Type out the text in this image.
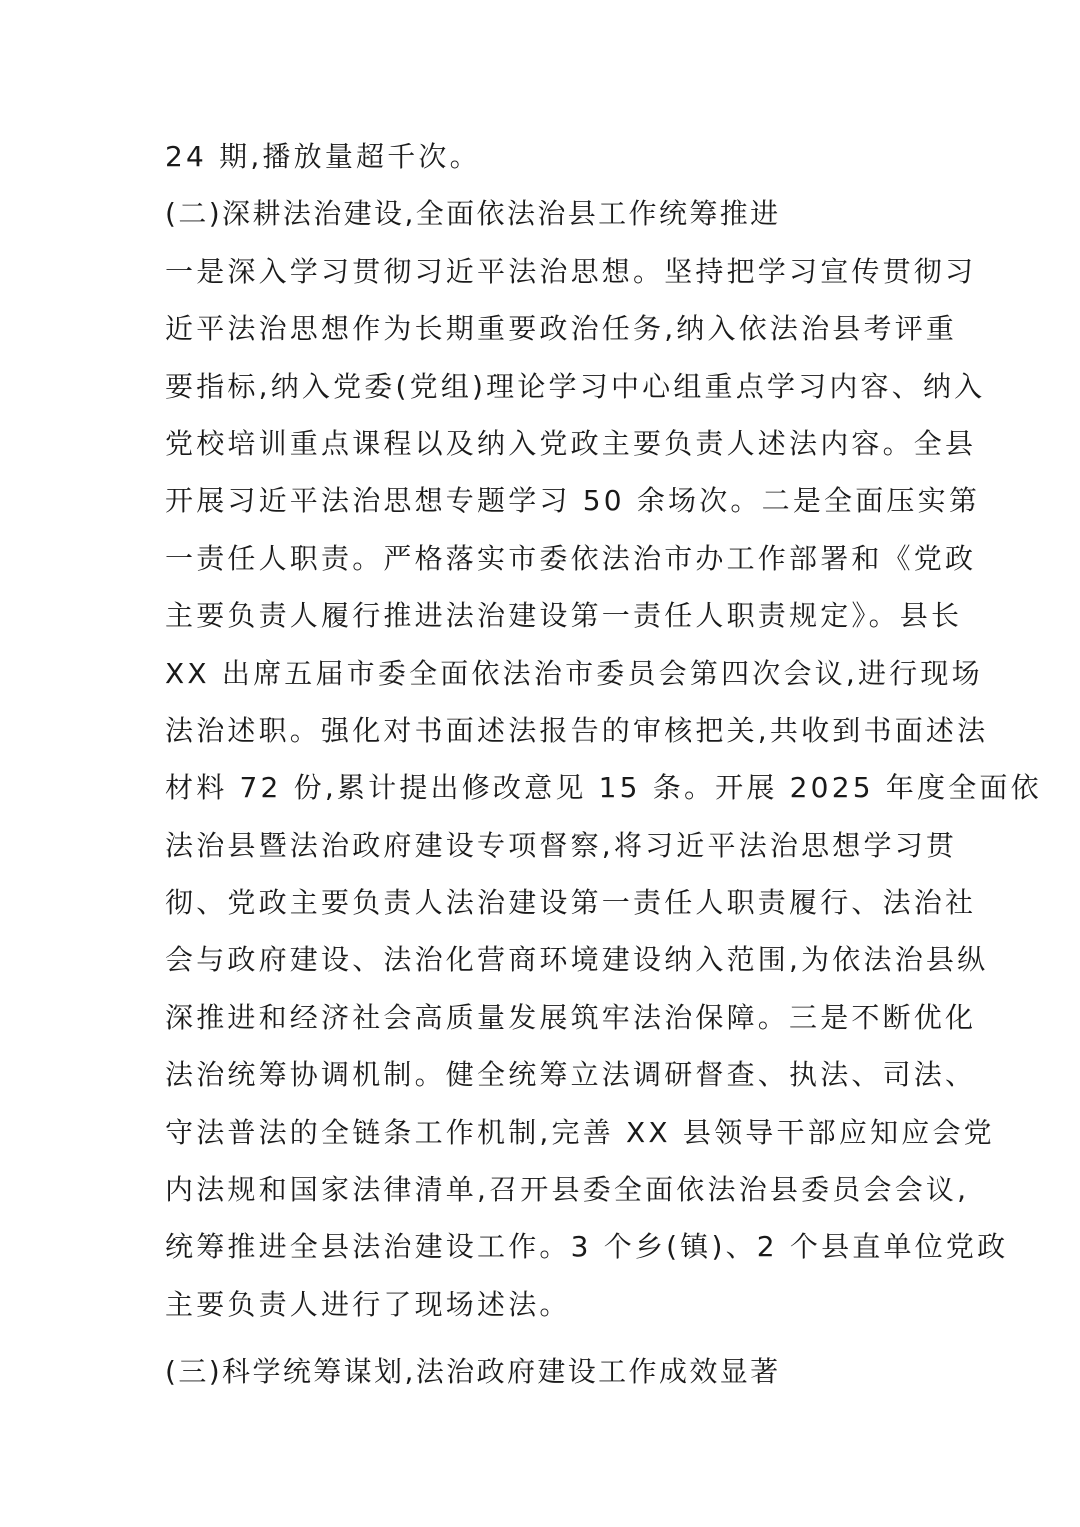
24 期,播放量超千次。
(二)深耕法治建设,全面依法治县工作统筹推进
一是深入学习贯彻习近平法治思想。坚持把学习宣传贯彻习
近平法治思想作为长期重要政治任务,纳入依法治县考评重
要指标,纳入党委(党组)理论学习中心组重点学习内容、纳入
党校培训重点课程以及纳入党政主要负责人述法内容。全县
开展习近平法治思想专题学习 50 余场次。二是全面压实第
一责任人职责。严格落实市委依法治市办工作部署和《党政
主要负责人履行推进法治建设第一责任人职责规定》。县长
XX 出席五届市委全面依法治市委员会第四次会议,进行现场
法治述职。强化对书面述法报告的审核把关,共收到书面述法
材料 72 份,累计提出修改意见 15 条。开展 2025 年度全面依
法治县暨法治政府建设专项督察,将习近平法治思想学习贯
彻、党政主要负责人法治建设第一责任人职责履行、法治社
会与政府建设、法治化营商环境建设纳入范围,为依法治县纵
深推进和经济社会高质量发展筑牢法治保障。三是不断优化
法治统筹协调机制。健全统筹立法调研督查、执法、司法、
守法普法的全链条工作机制,完善 XX 县领导干部应知应会党
内法规和国家法律清单,召开县委全面依法治县委员会会议,
统筹推进全县法治建设工作。3 个乡(镇)、2 个县直单位党政
主要负责人进行了现场述法。
(三)科学统筹谋划,法治政府建设工作成效显著
